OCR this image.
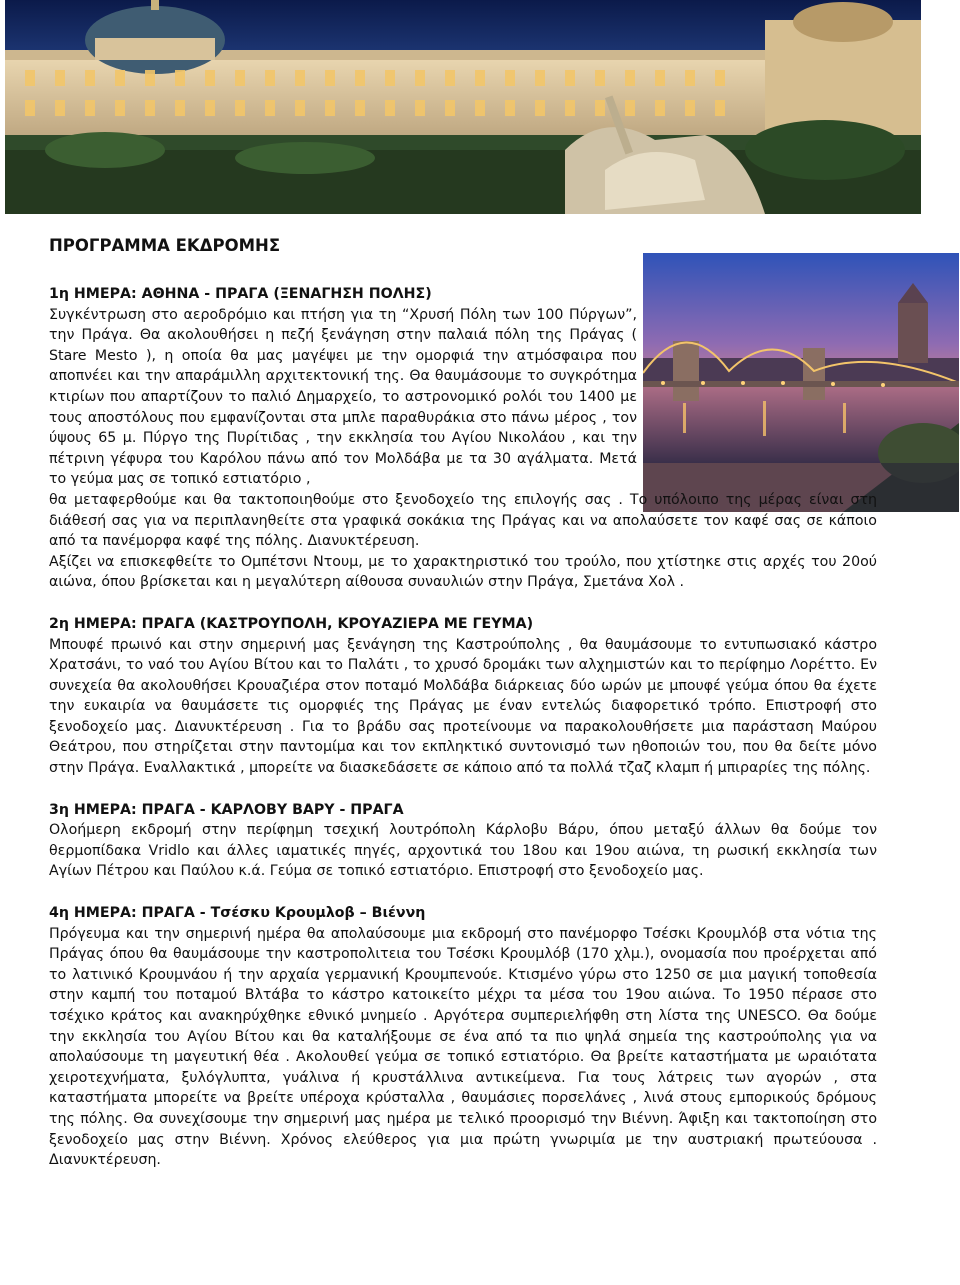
ΠΡΟΓΡΑΜΜΑ ΕΚΔΡΟΜΗΣ

1η ΗΜΕΡΑ: ΑΘΗΝΑ - ΠΡΑΓΑ (ΞΕΝΑΓΗΣΗ ΠΟΛΗΣ)

Συγκέντρωση στο αεροδρόμιο και πτήση για τη “Χρυσή Πόλη των 100 Πύργων”, την Πράγα. Θα ακολουθήσει η πεζή ξενάγηση στην παλαιά πόλη της Πράγας ( Stare Mesto ), η οποία θα μας μαγέψει με την ομορφιά την ατμόσφαιρα που αποπνέει και την απαράμιλλη αρχιτεκτονική της. Θα θαυμάσουμε το συγκρότημα κτιρίων που απαρτίζουν το παλιό Δημαρχείο, το αστρονομικό ρολόι του 1400 με τους αποστόλους που εμφανίζονται στα μπλε παραθυράκια στο πάνω μέρος , τον ύψους 65 μ. Πύργο της Πυρίτιδας , την εκκλησία του Αγίου Νικολάου , και την πέτρινη γέφυρα του Καρόλου πάνω από τον Μολδάβα με τα 30 αγάλματα. Μετά το γεύμα μας σε τοπικό εστιατόριο ,

θα μεταφερθούμε και θα τακτοποιηθούμε στο ξενοδοχείο της επιλογής σας . Το υπόλοιπο της μέρας είναι στη διάθεσή σας για να περιπλανηθείτε στα γραφικά σοκάκια της Πράγας και να απολαύσετε τον καφέ σας σε κάποιο από τα πανέμορφα καφέ της πόλης. Διανυκτέρευση.

Αξίζει να επισκεφθείτε το Ομπέτσνι Ντουμ, με το χαρακτηριστικό του τρούλο, που χτίστηκε στις αρχές του 20ού αιώνα, όπου βρίσκεται και η μεγαλύτερη αίθουσα συναυλιών στην Πράγα, Σμετάνα Χολ .

2η ΗΜΕΡΑ: ΠΡΑΓΑ (ΚΑΣΤΡΟΥΠΟΛΗ, ΚΡΟΥΑΖΙΕΡΑ ΜΕ ΓΕΥΜΑ)

Μπουφέ πρωινό και στην σημερινή μας ξενάγηση της Καστρούπολης , θα θαυμάσουμε το εντυπωσιακό κάστρο Χρατσάνι, το ναό του Αγίου Βίτου και το Παλάτι , το χρυσό δρομάκι των αλχημιστών και το περίφημο Λορέττο. Εν συνεχεία θα ακολουθήσει Κρουαζιέρα στον ποταμό Μολδάβα διάρκειας δύο ωρών με μπουφέ γεύμα όπου θα έχετε την ευκαιρία να θαυμάσετε τις ομορφιές της Πράγας με έναν εντελώς διαφορετικό τρόπο. Επιστροφή στο ξενοδοχείο μας. Διανυκτέρευση . Για το βράδυ σας προτείνουμε να παρακολουθήσετε μια παράσταση Μαύρου Θεάτρου, που στηρίζεται στην παντομίμα και τον εκπληκτικό συντονισμό των ηθοποιών του, που θα δείτε μόνο στην Πράγα. Εναλλακτικά , μπορείτε να διασκεδάσετε σε κάποιο από τα πολλά τζαζ κλαμπ ή μπιραρίες της πόλης.

3η ΗΜΕΡΑ: ΠΡΑΓΑ - ΚΑΡΛΟΒΥ ΒΑΡΥ - ΠΡΑΓΑ

Ολοήμερη εκδρομή στην περίφημη τσεχική λουτρόπολη Κάρλοβυ Βάρυ, όπου μεταξύ άλλων θα δούμε τον θερμοπίδακα Vridlo και άλλες ιαματικές πηγές, αρχοντικά του 18ου και 19ου αιώνα, τη ρωσική εκκλησία των Αγίων Πέτρου και Παύλου κ.ά. Γεύμα σε τοπικό εστιατόριο. Επιστροφή στο ξενοδοχείο μας.

4η ΗΜΕΡΑ: ΠΡΑΓΑ - Τσέσκυ Κρουμλοβ – Βιέννη

Πρόγευμα και την σημερινή ημέρα θα απολαύσουμε μια εκδρομή στο πανέμορφο Τσέσκι Κρουμλόβ στα νότια της Πράγας όπου θα θαυμάσουμε την καστροπολιτεια του Τσέσκι Κρουμλόβ (170 χλμ.), ονομασία που προέρχεται από το λατινικό Κρουμνάου ή την αρχαία γερμανική Κρουμπενούε. Κτισμένο γύρω στο 1250 σε μια μαγική τοποθεσία στην καμπή του ποταμού Βλτάβα το κάστρο κατοικείτο μέχρι τα μέσα του 19ου αιώνα. Το 1950 πέρασε στο τσέχικο κράτος και ανακηρύχθηκε εθνικό μνημείο . Αργότερα συμπεριελήφθη στη λίστα της UNESCO. Θα δούμε την εκκλησία του Αγίου Βίτου και θα καταλήξουμε σε ένα από τα πιο ψηλά σημεία της καστρούπολης για να απολαύσουμε τη μαγευτική θέα . Ακολουθεί γεύμα σε τοπικό εστιατόριο. Θα βρείτε καταστήματα με ωραιότατα χειροτεχνήματα, ξυλόγλυπτα, γυάλινα ή κρυστάλλινα αντικείμενα. Για τους λάτρεις των αγορών , στα καταστήματα μπορείτε να βρείτε υπέροχα κρύσταλλα , θαυμάσιες πορσελάνες , λινά στους εμπορικούς δρόμους της πόλης. Θα συνεχίσουμε την σημερινή μας ημέρα με τελικό προορισμό την Βιέννη. Άφιξη και τακτοποίηση στο ξενοδοχείο μας στην Βιέννη. Χρόνος ελεύθερος για μια πρώτη γνωριμία με την αυστριακή πρωτεύουσα . Διανυκτέρευση.
